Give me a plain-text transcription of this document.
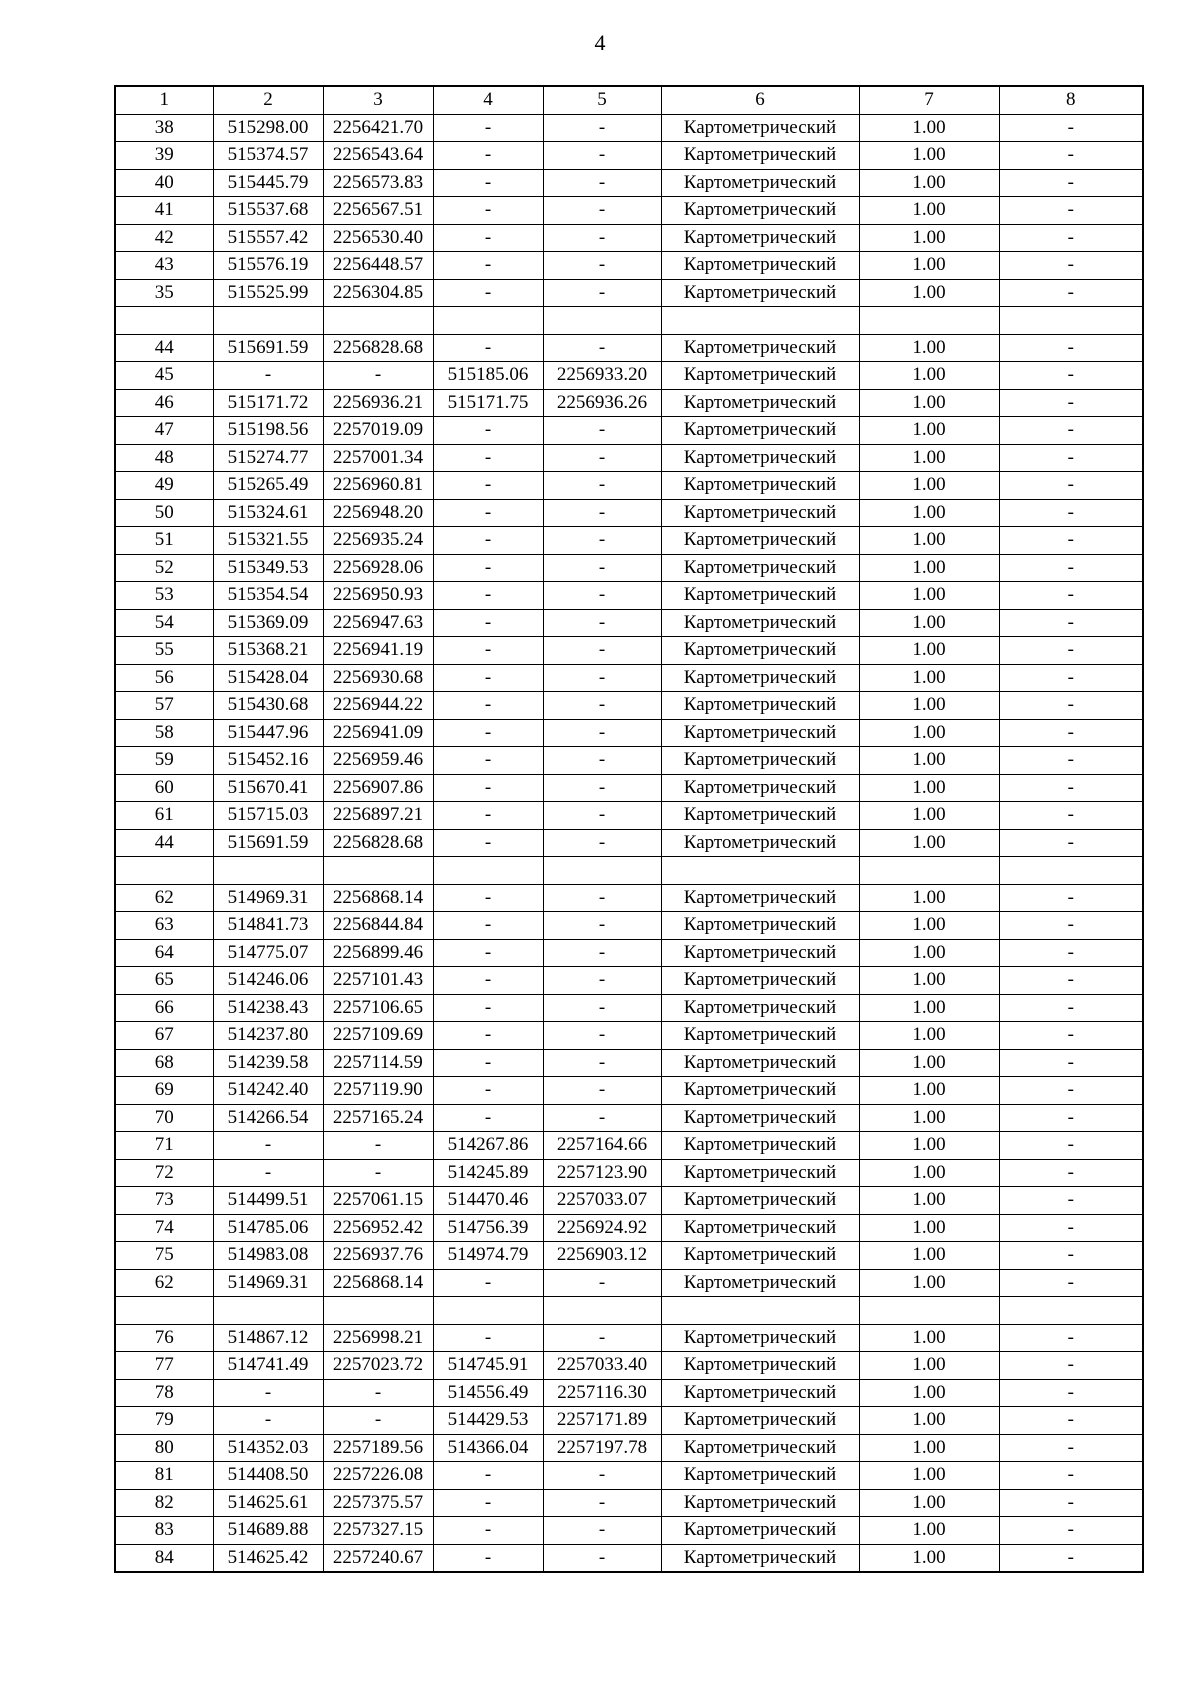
4
1	2	3	4	5	6	7	8
38	515298.00	2256421.70	-	-	Картометрический	1.00	-
39	515374.57	2256543.64	-	-	Картометрический	1.00	-
40	515445.79	2256573.83	-	-	Картометрический	1.00	-
41	515537.68	2256567.51	-	-	Картометрический	1.00	-
42	515557.42	2256530.40	-	-	Картометрический	1.00	-
43	515576.19	2256448.57	-	-	Картометрический	1.00	-
35	515525.99	2256304.85	-	-	Картометрический	1.00	-

44	515691.59	2256828.68	-	-	Картометрический	1.00	-
45	-	-	515185.06	2256933.20	Картометрический	1.00	-
46	515171.72	2256936.21	515171.75	2256936.26	Картометрический	1.00	-
47	515198.56	2257019.09	-	-	Картометрический	1.00	-
48	515274.77	2257001.34	-	-	Картометрический	1.00	-
49	515265.49	2256960.81	-	-	Картометрический	1.00	-
50	515324.61	2256948.20	-	-	Картометрический	1.00	-
51	515321.55	2256935.24	-	-	Картометрический	1.00	-
52	515349.53	2256928.06	-	-	Картометрический	1.00	-
53	515354.54	2256950.93	-	-	Картометрический	1.00	-
54	515369.09	2256947.63	-	-	Картометрический	1.00	-
55	515368.21	2256941.19	-	-	Картометрический	1.00	-
56	515428.04	2256930.68	-	-	Картометрический	1.00	-
57	515430.68	2256944.22	-	-	Картометрический	1.00	-
58	515447.96	2256941.09	-	-	Картометрический	1.00	-
59	515452.16	2256959.46	-	-	Картометрический	1.00	-
60	515670.41	2256907.86	-	-	Картометрический	1.00	-
61	515715.03	2256897.21	-	-	Картометрический	1.00	-
44	515691.59	2256828.68	-	-	Картометрический	1.00	-

62	514969.31	2256868.14	-	-	Картометрический	1.00	-
63	514841.73	2256844.84	-	-	Картометрический	1.00	-
64	514775.07	2256899.46	-	-	Картометрический	1.00	-
65	514246.06	2257101.43	-	-	Картометрический	1.00	-
66	514238.43	2257106.65	-	-	Картометрический	1.00	-
67	514237.80	2257109.69	-	-	Картометрический	1.00	-
68	514239.58	2257114.59	-	-	Картометрический	1.00	-
69	514242.40	2257119.90	-	-	Картометрический	1.00	-
70	514266.54	2257165.24	-	-	Картометрический	1.00	-
71	-	-	514267.86	2257164.66	Картометрический	1.00	-
72	-	-	514245.89	2257123.90	Картометрический	1.00	-
73	514499.51	2257061.15	514470.46	2257033.07	Картометрический	1.00	-
74	514785.06	2256952.42	514756.39	2256924.92	Картометрический	1.00	-
75	514983.08	2256937.76	514974.79	2256903.12	Картометрический	1.00	-
62	514969.31	2256868.14	-	-	Картометрический	1.00	-

76	514867.12	2256998.21	-	-	Картометрический	1.00	-
77	514741.49	2257023.72	514745.91	2257033.40	Картометрический	1.00	-
78	-	-	514556.49	2257116.30	Картометрический	1.00	-
79	-	-	514429.53	2257171.89	Картометрический	1.00	-
80	514352.03	2257189.56	514366.04	2257197.78	Картометрический	1.00	-
81	514408.50	2257226.08	-	-	Картометрический	1.00	-
82	514625.61	2257375.57	-	-	Картометрический	1.00	-
83	514689.88	2257327.15	-	-	Картометрический	1.00	-
84	514625.42	2257240.67	-	-	Картометрический	1.00	-
